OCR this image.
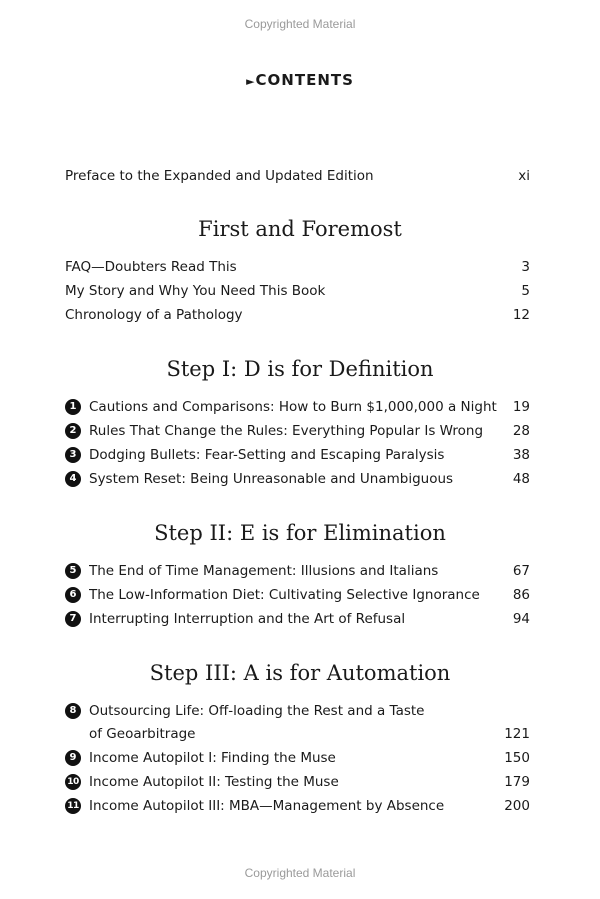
Copyrighted Material
►CONTENTS
Preface to the Expanded and Updated Edition	xi
First and Foremost
FAQ—Doubters Read This	3
My Story and Why You Need This Book	5
Chronology of a Pathology	12
Step I: D is for Definition
1 Cautions and Comparisons: How to Burn $1,000,000 a Night	19
2 Rules That Change the Rules: Everything Popular Is Wrong	28
3 Dodging Bullets: Fear-Setting and Escaping Paralysis	38
4 System Reset: Being Unreasonable and Unambiguous	48
Step II: E is for Elimination
5 The End of Time Management: Illusions and Italians	67
6 The Low-Information Diet: Cultivating Selective Ignorance	86
7 Interrupting Interruption and the Art of Refusal	94
Step III: A is for Automation
8 Outsourcing Life: Off-loading the Rest and a Taste
of Geoarbitrage	121
9 Income Autopilot I: Finding the Muse	150
10 Income Autopilot II: Testing the Muse	179
11 Income Autopilot III: MBA—Management by Absence	200
Copyrighted Material
